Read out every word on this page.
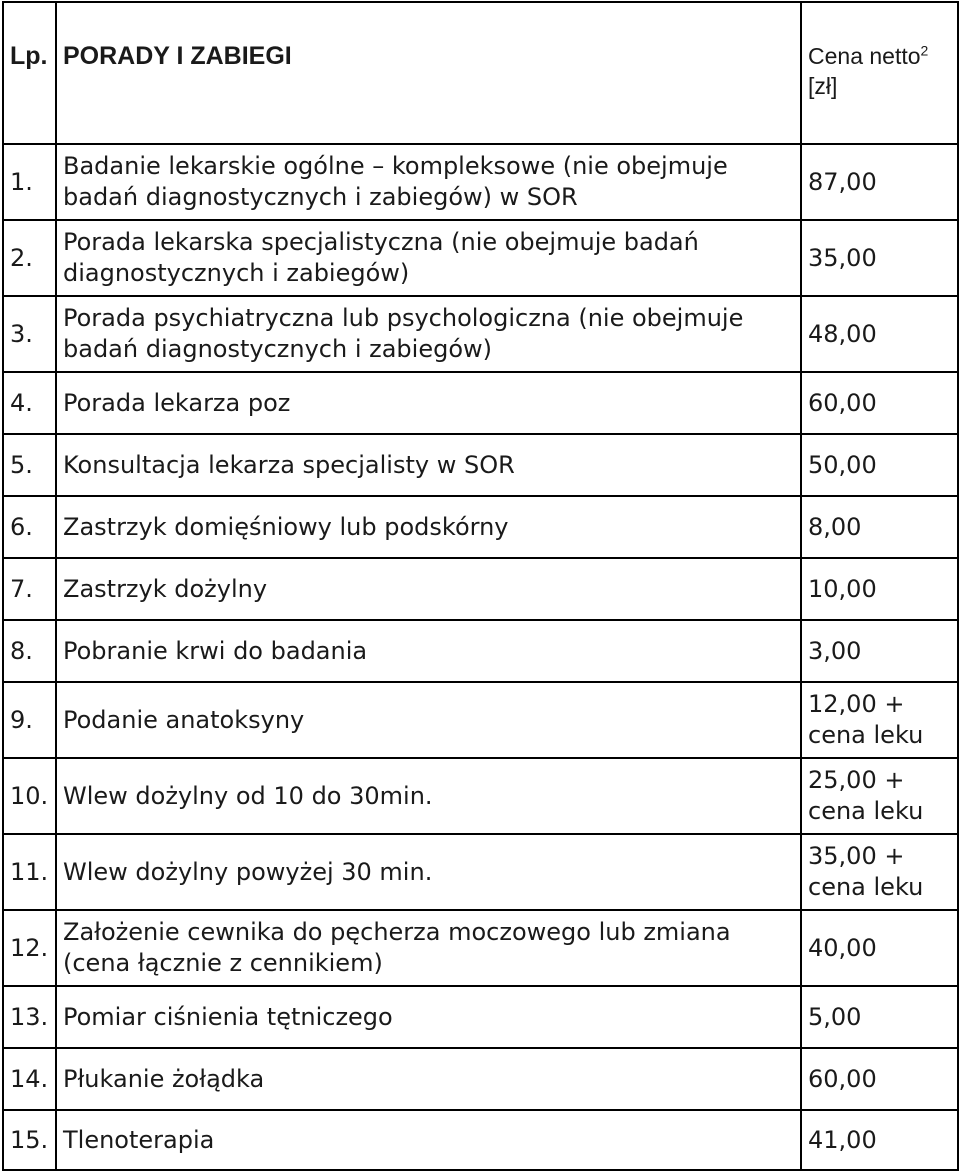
Lp.	PORADY I ZABIEGI	Cena netto$^2$
[zł]
1.	Badanie lekarskie ogólne – kompleksowe (nie obejmuje
badań diagnostycznych i zabiegów) w SOR	87,00

2.	Porada lekarska specjalistyczna (nie obejmuje badań
diagnostycznych i zabiegów)	35,00

3.	Porada psychiatryczna lub psychologiczna (nie obejmuje
badań diagnostycznych i zabiegów)	48,00

4.	Porada lekarza poz	60,00

5.	Konsultacja lekarza specjalisty w SOR	50,00

6.	Zastrzyk domięśniowy lub podskórny	8,00

7.	Zastrzyk dożylny	10,00

8.	Pobranie krwi do badania	3,00

9.	Podanie anatoksyny	12,00 +
cena leku

10.	Wlew dożylny od 10 do 30min.	25,00 +
cena leku

11.	Wlew dożylny powyżej 30 min.	35,00 +
cena leku

12.	Założenie cewnika do pęcherza moczowego lub zmiana
(cena łącznie z cennikiem)	40,00

13.	Pomiar ciśnienia tętniczego	5,00

14.	Płukanie żołądka	60,00

15.	Tlenoterapia	41,00
